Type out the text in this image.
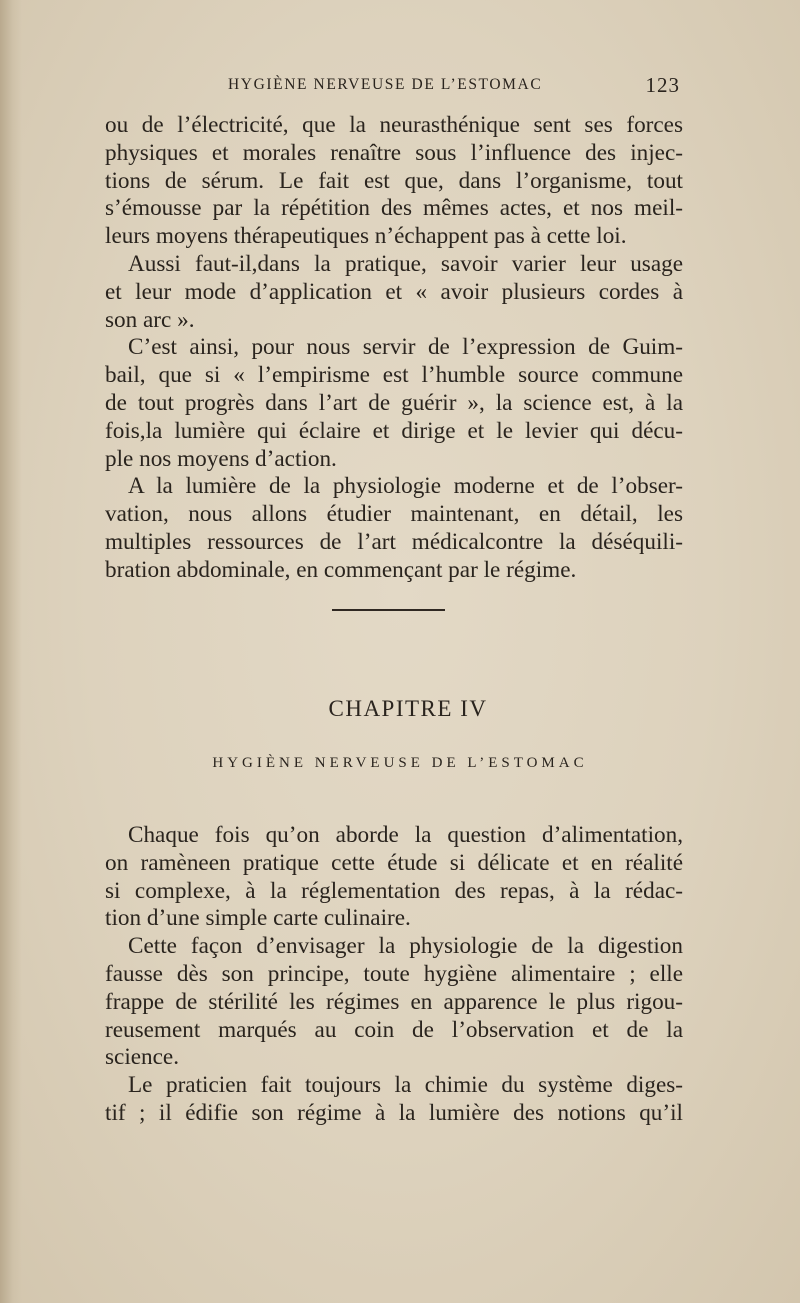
HYGIÈNE NERVEUSE DE L’ESTOMAC	123
ou de l’électricité, que la neurasthénique sent ses forces
physiques et morales renaître sous l’influence des injec-
tions de sérum. Le fait est que, dans l’organisme, tout
s’émousse par la répétition des mêmes actes, et nos meil-
leurs moyens thérapeutiques n’échappent pas à cette loi.
Aussi faut-il,dans la pratique, savoir varier leur usage
et leur mode d’application et « avoir plusieurs cordes à
son arc ».
C’est ainsi, pour nous servir de l’expression de Guim-
bail, que si « l’empirisme est l’humble source commune
de tout progrès dans l’art de guérir », la science est, à la
fois,la lumière qui éclaire et dirige et le levier qui décu-
ple nos moyens d’action.
A la lumière de la physiologie moderne et de l’obser-
vation, nous allons étudier maintenant, en détail, les
multiples ressources de l’art médicalcontre la déséquili-
bration abdominale, en commençant par le régime.
CHAPITRE IV
HYGIÈNE NERVEUSE DE L’ESTOMAC
Chaque fois qu’on aborde la question d’alimentation,
on ramèneen pratique cette étude si délicate et en réalité
si complexe, à la réglementation des repas, à la rédac-
tion d’une simple carte culinaire.
Cette façon d’envisager la physiologie de la digestion
fausse dès son principe, toute hygiène alimentaire ; elle
frappe de stérilité les régimes en apparence le plus rigou-
reusement marqués au coin de l’observation et de la
science.
Le praticien fait toujours la chimie du système diges-
tif ; il édifie son régime à la lumière des notions qu’il
